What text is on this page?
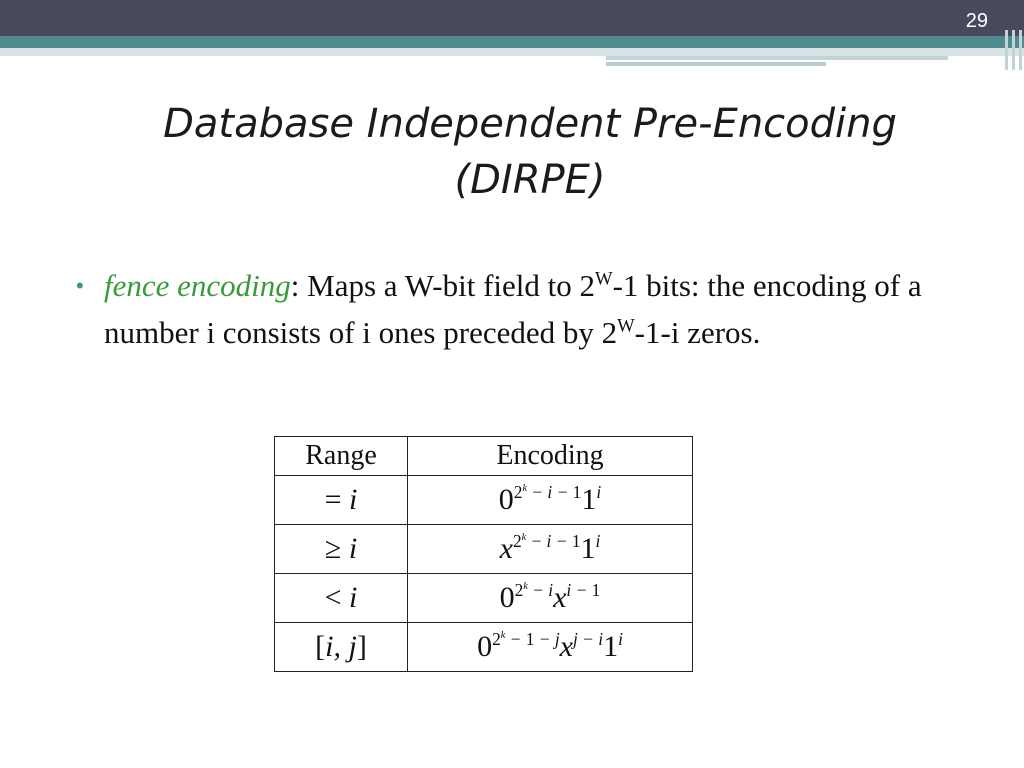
29
Database Independent Pre-Encoding
(DIRPE)
• fence encoding: Maps a W-bit field to $2^W-1$ bits: the encoding of a number i consists of i ones preceded by $2^W-1-i$ zeros.
Range	Encoding
= i	$0^{2^k - i - 1}1^i$
≥ i	$x^{2^k - i - 1}1^i$
< i	$0^{2^k - i}x^{i - 1}$
[i, j]	$0^{2^k - 1 - j}x^{j - i}1^i$
